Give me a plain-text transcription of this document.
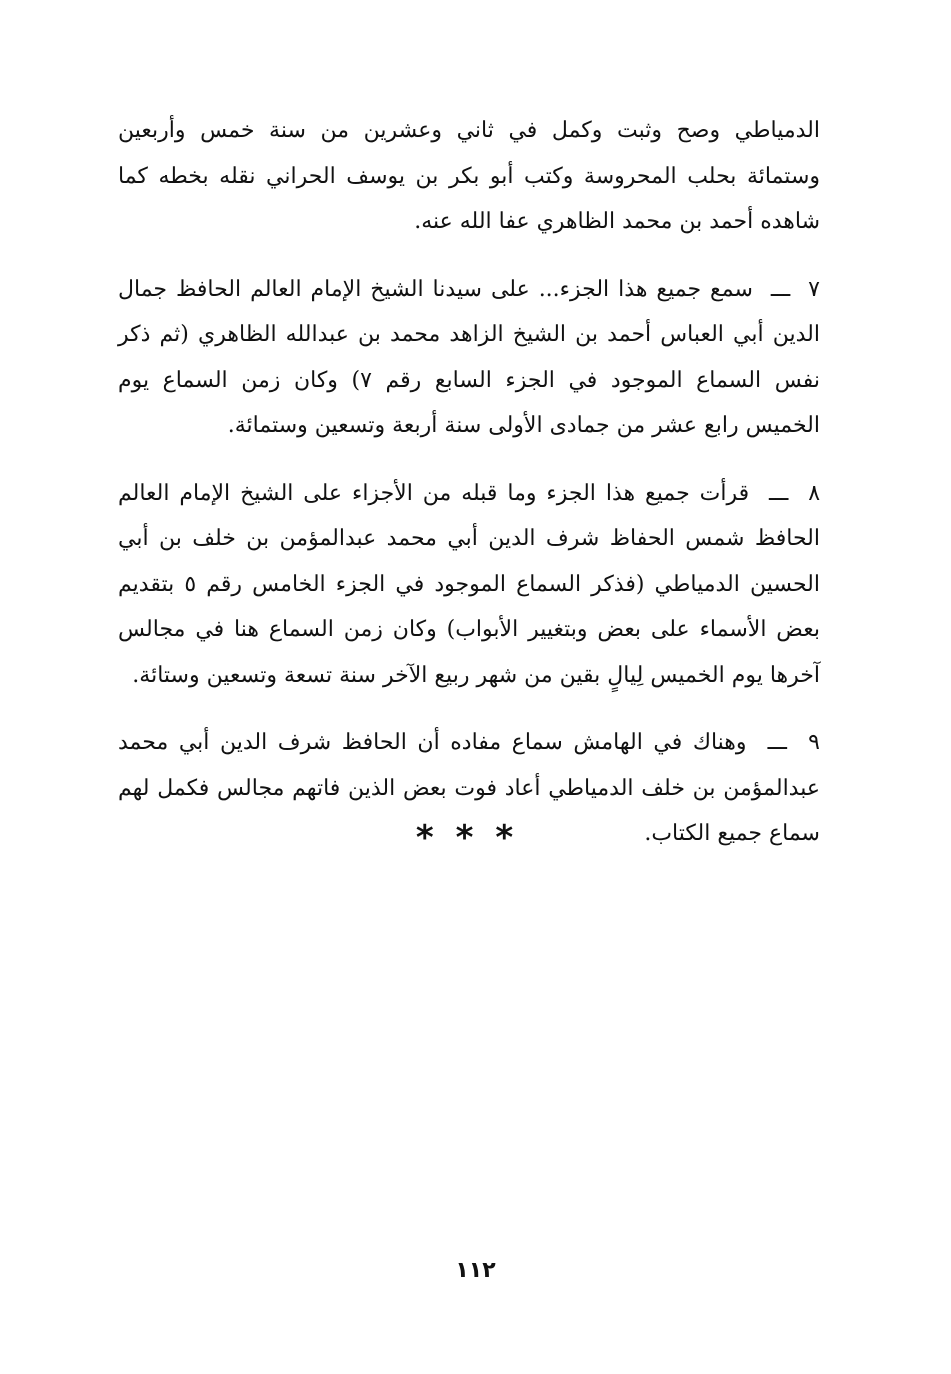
الدمياطي وصح وثبت وكمل في ثاني وعشرين من سنة خمس وأربعين وستمائة بحلب المحروسة وكتب أبو بكر بن يوسف الحراني نقله بخطه كما شاهده أحمد بن محمد الظاهري عفا الله عنه.

٧  ـــ  سمع جميع هذا الجزء... على سيدنا الشيخ الإمام العالم الحافظ جمال الدين أبي العباس أحمد بن الشيخ الزاهد محمد بن عبدالله الظاهري (ثم ذكر نفس السماع الموجود في الجزء السابع رقم ٧) وكان زمن السماع يوم الخميس رابع عشر من جمادى الأولى سنة أربعة وتسعين وستمائة.

٨  ـــ  قرأت جميع هذا الجزء وما قبله من الأجزاء على الشيخ الإمام العالم الحافظ شمس الحفاظ شرف الدين أبي محمد عبدالمؤمن بن خلف بن أبي الحسين الدمياطي (فذكر السماع الموجود في الجزء الخامس رقم ٥ بتقديم بعض الأسماء على بعض وبتغيير الأبواب) وكان زمن السماع هنا في مجالس آخرها يوم الخميس لِيالٍ بقين من شهر ربيع الآخر سنة تسعة وتسعين وستائة.

٩  ـــ  وهناك في الهامش سماع مفاده أن الحافظ شرف الدين أبي محمد عبدالمؤمن بن خلف الدمياطي أعاد فوت بعض الذين فاتهم مجالس فكمل لهم سماع جميع الكتاب.

***
١١٢
